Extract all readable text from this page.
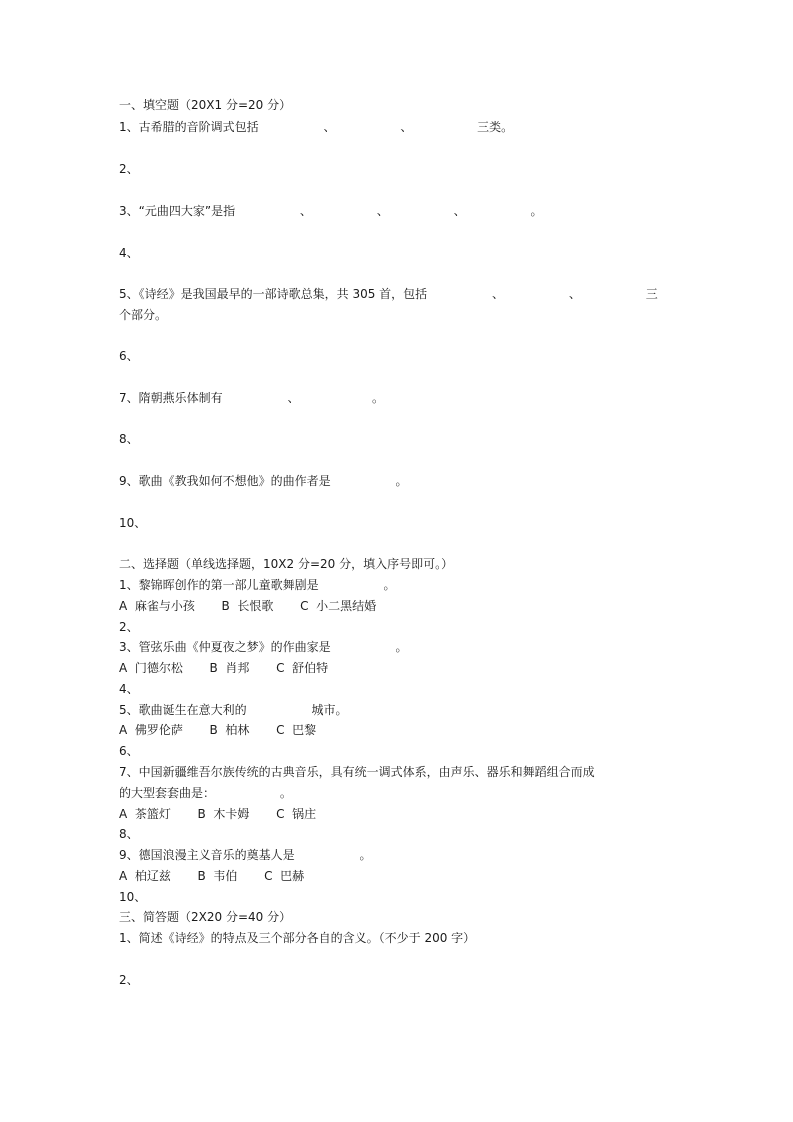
一、填空题（20X1 分=20 分）
1、古希腊的音阶调式包括                 、                 、                 三类。
2、
3、“元曲四大家”是指                 、                 、                 、                 。
4、
5、《诗经》是我国最早的一部诗歌总集，共 305 首，包括                 、                 、                 三
个部分。
6、
7、隋朝燕乐体制有                 、                   。
8、
9、歌曲《教我如何不想他》的曲作者是                 。
10、
二、选择题（单线选择题，10X2 分=20 分，填入序号即可。）
1、黎锦晖创作的第一部儿童歌舞剧是                 。
A  麻雀与小孩       B  长恨歌       C  小二黑结婚
2、
3、管弦乐曲《仲夏夜之梦》的作曲家是                 。
A  门德尔松       B  肖邦       C  舒伯特
4、
5、歌曲诞生在意大利的                 城市。
A  佛罗伦萨       B  柏林       C  巴黎
6、
7、中国新疆维吾尔族传统的古典音乐，具有统一调式体系，由声乐、器乐和舞蹈组合而成
的大型套套曲是：                 。
A  茶篮灯       B  木卡姆       C  锅庄
8、
9、德国浪漫主义音乐的奠基人是                 。
A  柏辽兹       B  韦伯       C  巴赫
10、
三、简答题（2X20 分=40 分）
1、简述《诗经》的特点及三个部分各自的含义。（不少于 200 字）
2、
